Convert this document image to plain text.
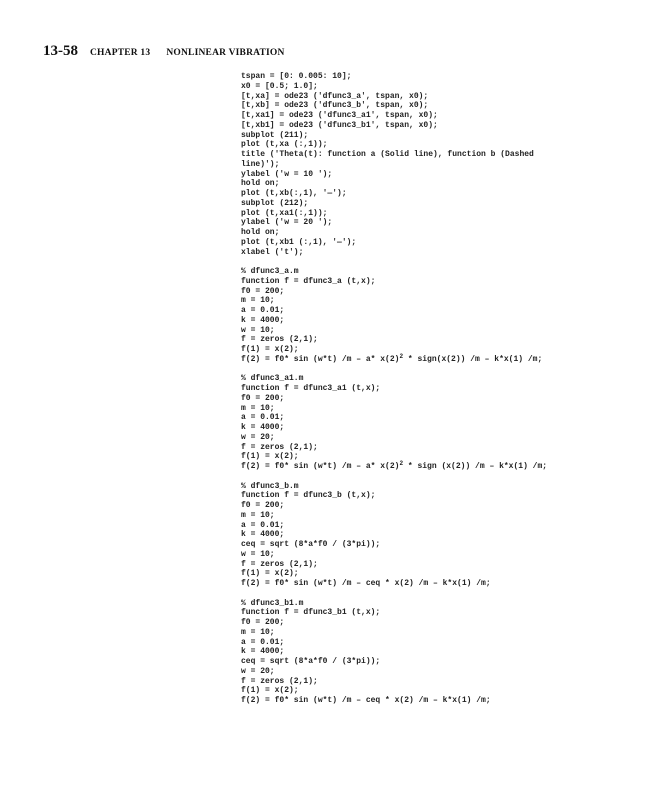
13-58 CHAPTER 13 NONLINEAR VIBRATION
tspan = [0: 0.005: 10];
x0 = [0.5; 1.0];
[t,xa] = ode23 ('dfunc3_a', tspan, x0);
[t,xb] = ode23 ('dfunc3_b', tspan, x0);
[t,xa1] = ode23 ('dfunc3_a1', tspan, x0);
[t,xb1] = ode23 ('dfunc3_b1', tspan, x0);
subplot (211);
plot (t,xa (:,1));
title ('Theta(t): function a (Solid line), function b (Dashed
line)');
ylabel ('w = 10 ');
hold on;
plot (t,xb(:,1), '—');
subplot (212);
plot (t,xa1(:,1));
ylabel ('w = 20 ');
hold on;
plot (t,xb1 (:,1), '—');
xlabel ('t');
% dfunc3_a.m
function f = dfunc3_a (t,x);
f0 = 200;
m = 10;
a = 0.01;
k = 4000;
w = 10;
f = zeros (2,1);
f(1) = x(2);
f(2) = f0* sin (w*t) /m – a* $x(2)^2$ * sign(x(2)) /m – k*x(1) /m;
% dfunc3_a1.m
function f = dfunc3_a1 (t,x);
f0 = 200;
m = 10;
a = 0.01;
k = 4000;
w = 20;
f = zeros (2,1);
f(1) = x(2);
f(2) = f0* sin (w*t) /m – a* $x(2)^2$ * sign (x(2)) /m – k*x(1) /m;
% dfunc3_b.m
function f = dfunc3_b (t,x);
f0 = 200;
m = 10;
a = 0.01;
k = 4000;
ceq = sqrt (8*a*f0 / (3*pi));
w = 10;
f = zeros (2,1);
f(1) = x(2);
f(2) = f0* sin (w*t) /m – ceq * x(2) /m – k*x(1) /m;
% dfunc3_b1.m
function f = dfunc3_b1 (t,x);
f0 = 200;
m = 10;
a = 0.01;
k = 4000;
ceq = sqrt (8*a*f0 / (3*pi));
w = 20;
f = zeros (2,1);
f(1) = x(2);
f(2) = f0* sin (w*t) /m – ceq * x(2) /m – k*x(1) /m;
